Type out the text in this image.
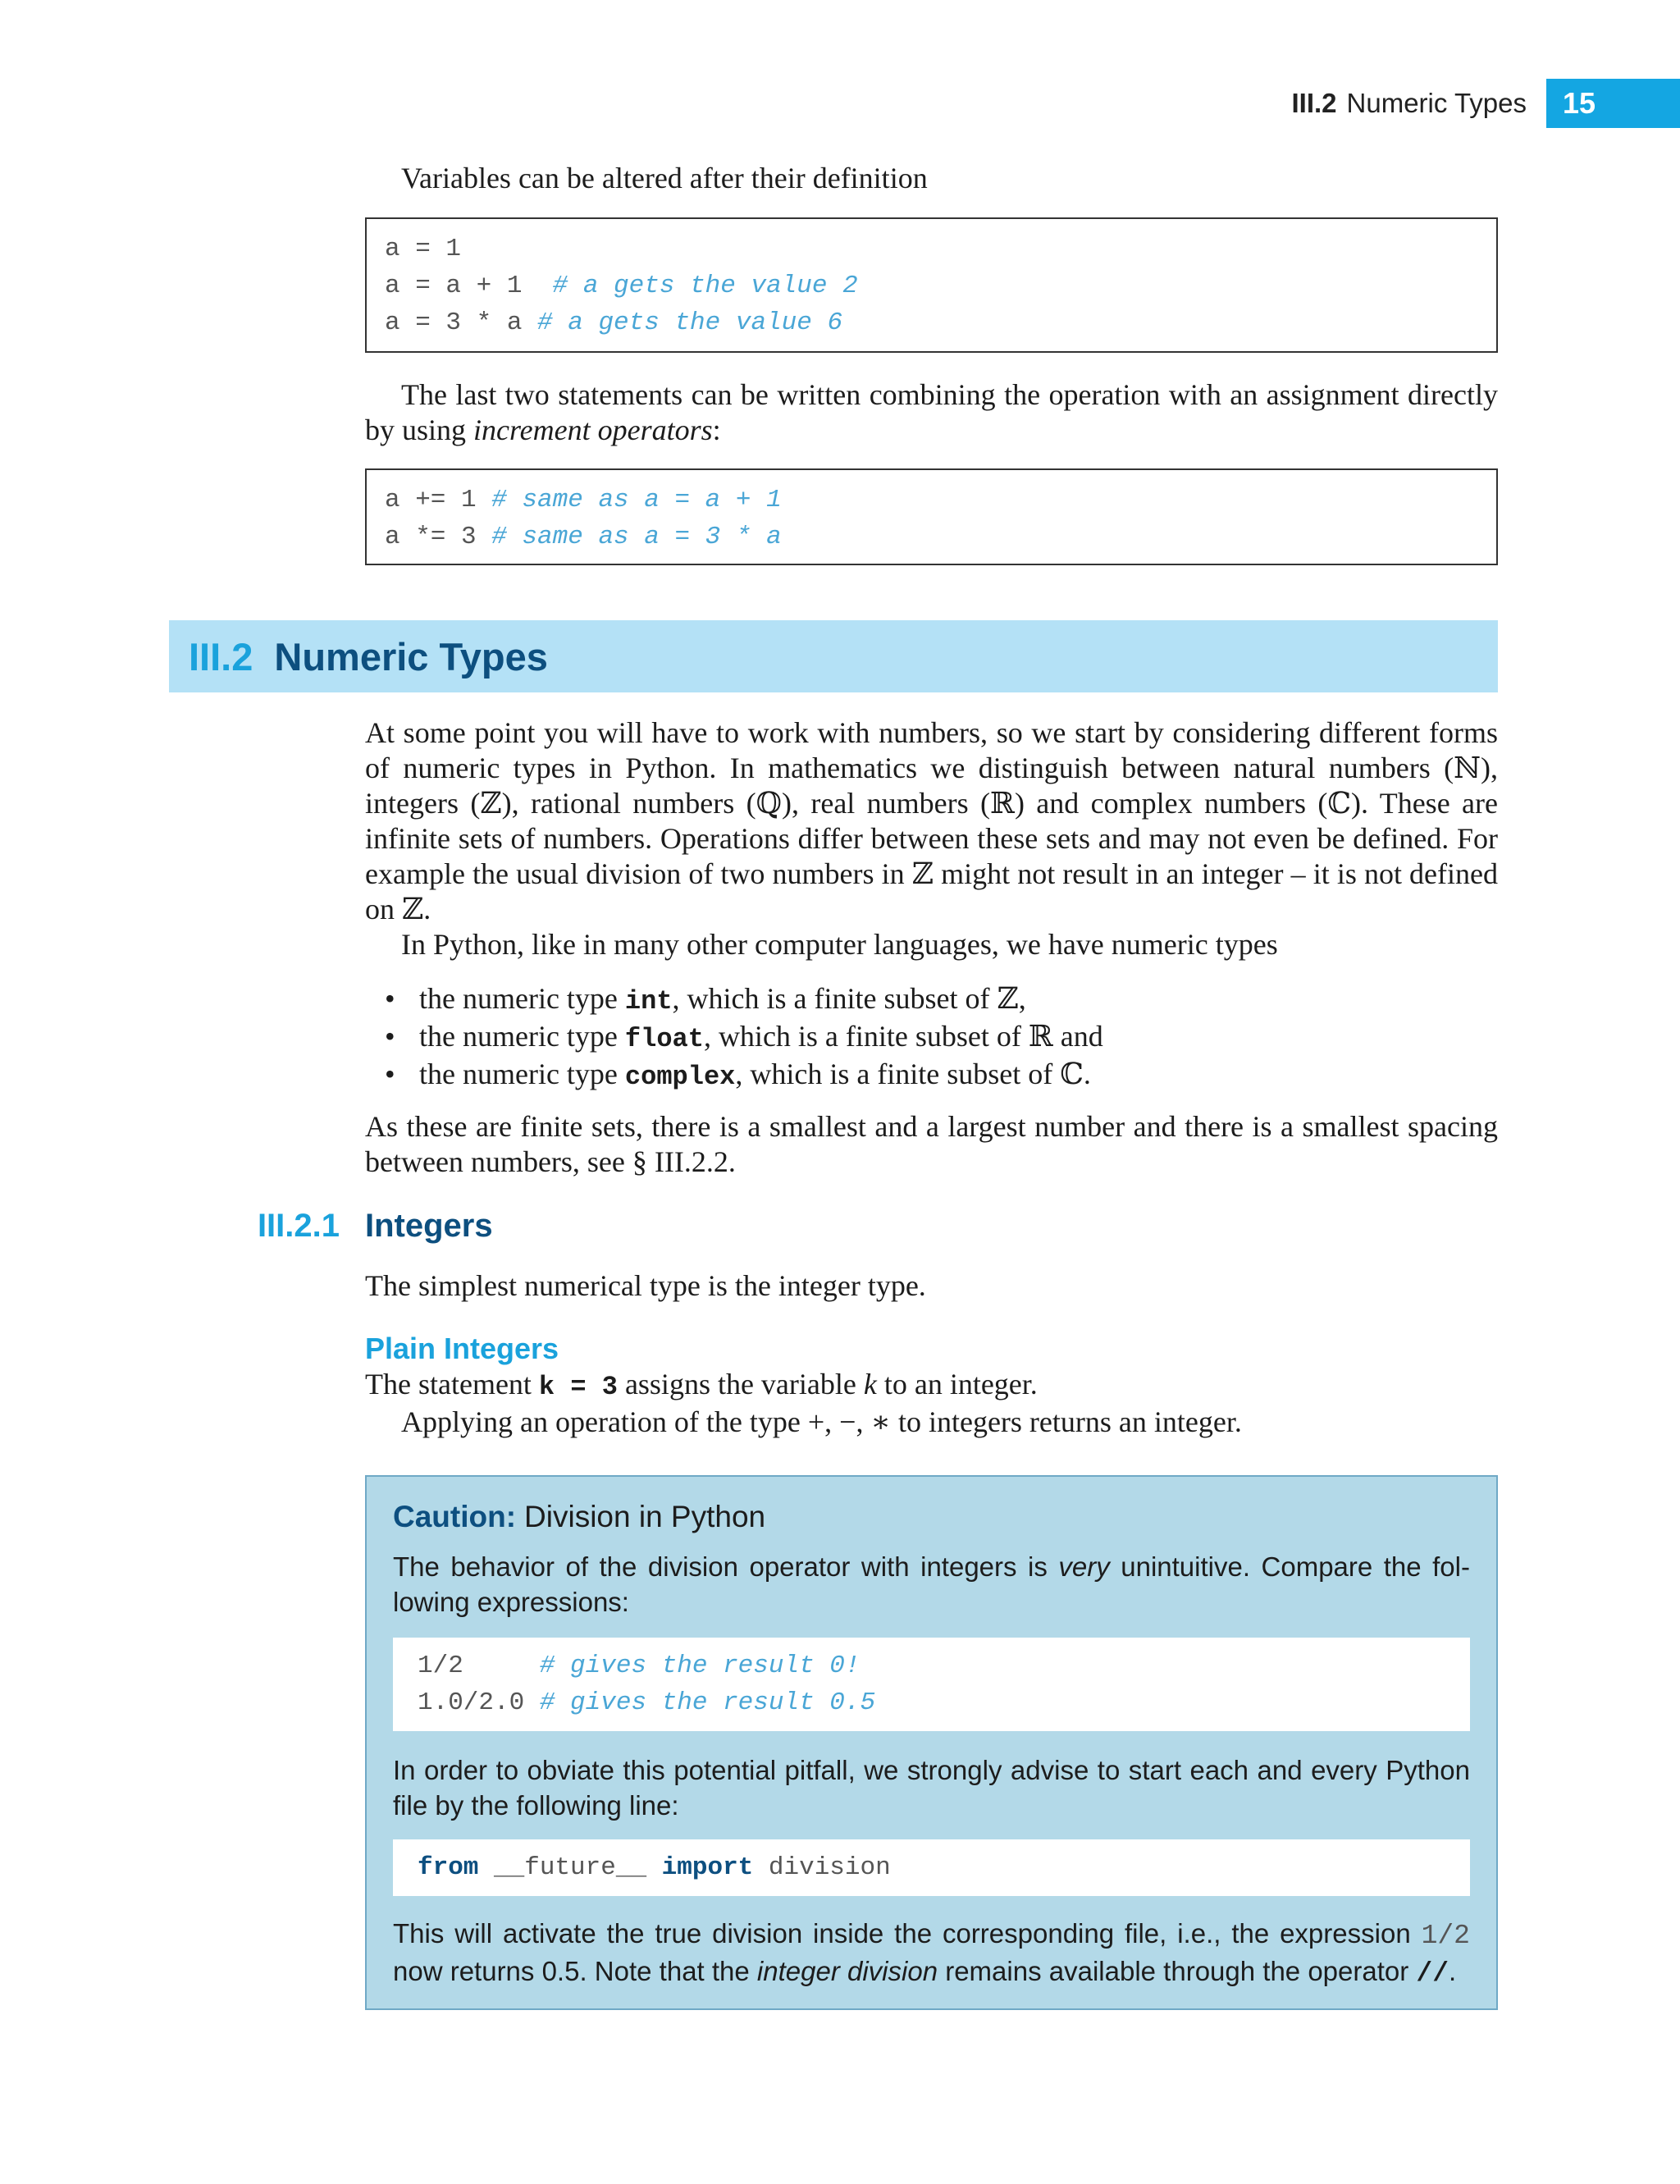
III.2 Numeric Types	15

Variables can be altered after their definition

a = 1
a = a + 1  # a gets the value 2
a = 3 * a # a gets the value 6

The last two statements can be written combining the operation with an assignment directly by using increment operators:

a += 1 # same as a = a + 1
a *= 3 # same as a = 3 * a
III.2 Numeric Types

At some point you will have to work with numbers, so we start by considering different forms of numeric types in Python. In mathematics we distinguish between natural numbers (ℕ), integers (ℤ), rational numbers (ℚ), real numbers (ℝ) and complex numbers (ℂ). These are infinite sets of numbers. Operations differ between these sets and may not even be defined. For example the usual division of two numbers in ℤ might not result in an integer – it is not defined on ℤ.

In Python, like in many other computer languages, we have numeric types

• the numeric type int, which is a finite subset of ℤ,
• the numeric type float, which is a finite subset of ℝ and
• the numeric type complex, which is a finite subset of ℂ.

As these are finite sets, there is a smallest and a largest number and there is a smallest spacing between numbers, see § III.2.2.

III.2.1 Integers

The simplest numerical type is the integer type.

Plain Integers

The statement k = 3 assigns the variable k to an integer.

Applying an operation of the type +, −, ∗ to integers returns an integer.

Caution: Division in Python

The behavior of the division operator with integers is very unintuitive. Compare the following expressions:

1/2     # gives the result 0!
1.0/2.0 # gives the result 0.5

In order to obviate this potential pitfall, we strongly advise to start each and every Python file by the following line:

from __future__ import division

This will activate the true division inside the corresponding file, i.e., the expression 1/2 now returns 0.5. Note that the integer division remains available through the operator //.
